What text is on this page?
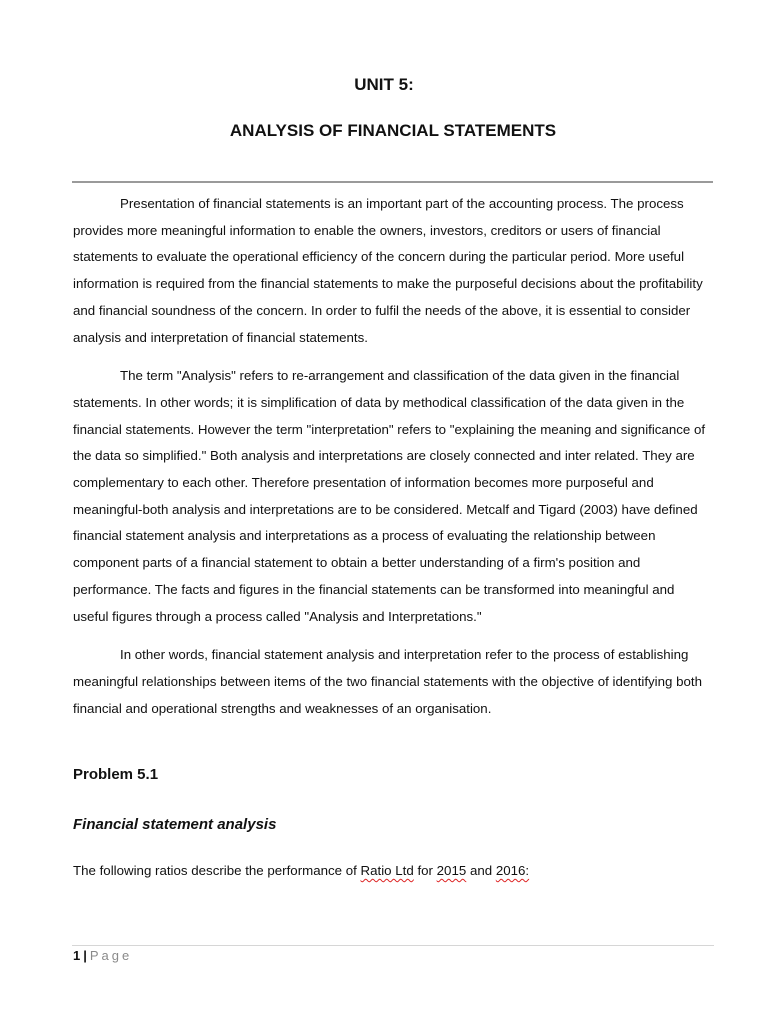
UNIT 5:
ANALYSIS OF FINANCIAL STATEMENTS

Presentation of financial statements is an important part of the accounting process. The process provides more meaningful information to enable the owners, investors, creditors or users of financial statements to evaluate the operational efficiency of the concern during the particular period. More useful information is required from the financial statements to make the purposeful decisions about the profitability and financial soundness of the concern. In order to fulfil the needs of the above, it is essential to consider analysis and interpretation of financial statements.

The term "Analysis" refers to re-arrangement and classification of the data given in the financial statements. In other words; it is simplification of data by methodical classification of the data given in the financial statements. However the term "interpretation" refers to "explaining the meaning and significance of the data so simplified." Both analysis and interpretations are closely connected and inter related. They are complementary to each other. Therefore presentation of information becomes more purposeful and meaningful-both analysis and interpretations are to be considered. Metcalf and Tigard (2003) have defined financial statement analysis and interpretations as a process of evaluating the relationship between component parts of a financial statement to obtain a better understanding of a firm's position and performance. The facts and figures in the financial statements can be transformed into meaningful and useful figures through a process called "Analysis and Interpretations."

In other words, financial statement analysis and interpretation refer to the process of establishing meaningful relationships between items of the two financial statements with the objective of identifying both financial and operational strengths and weaknesses of an organisation.

Problem 5.1
Financial statement analysis
The following ratios describe the performance of Ratio Ltd for 2015 and 2016:
1 | Page
